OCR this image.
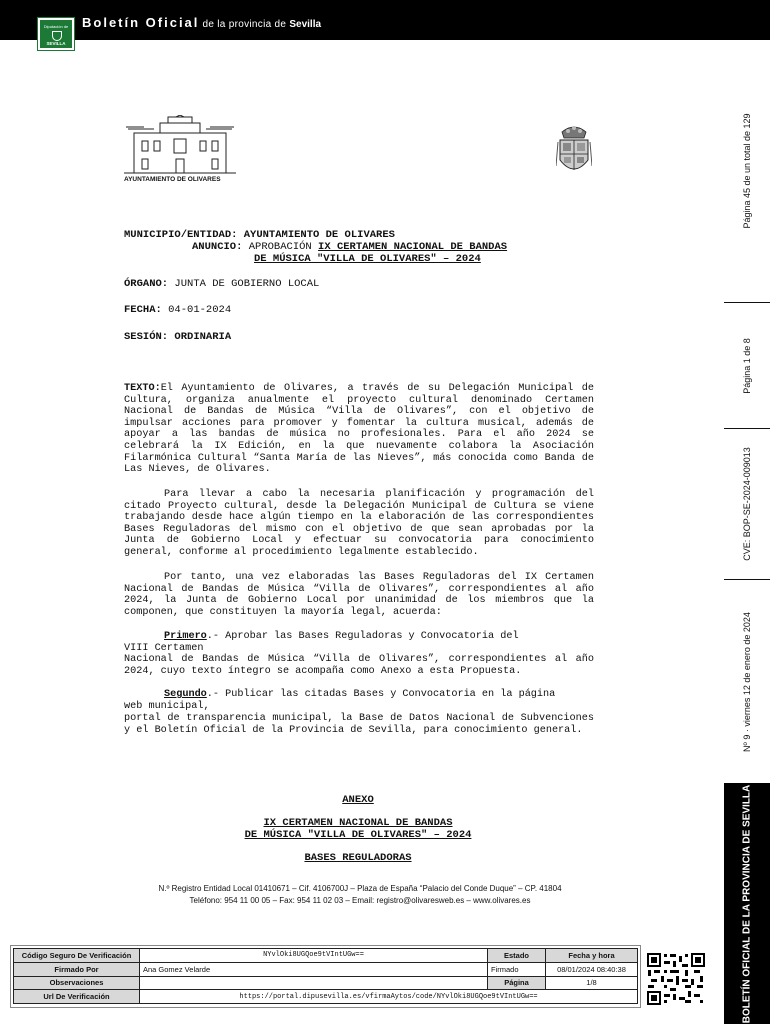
Boletín Oficial de la provincia de Sevilla
Diputación de
SEVILLA
Página 45 de un total de 129
Página 1 de 8
CVE: BOP-SE-2024-009013
Nº 9 · viernes 12 de enero de 2024
BOLETÍN OFICIAL DE LA PROVINCIA DE SEVILLA
AYUNTAMIENTO DE OLIVARES
MUNICIPIO/ENTIDAD: AYUNTAMIENTO DE OLIVARES
ANUNCIO: APROBACIÓN IX CERTAMEN NACIONAL DE BANDAS
DE MÚSICA "VILLA DE OLIVARES" – 2024
ÓRGANO: JUNTA DE GOBIERNO LOCAL
FECHA: 04-01-2024
SESIÓN: ORDINARIA
TEXTO:El Ayuntamiento de Olivares, a través de su Delegación Municipal de Cultura, organiza anualmente el proyecto cultural denominado Certamen Nacional de Bandas de Música “Villa de Olivares”, con el objetivo de impulsar acciones para promover y fomentar la cultura musical, además de apoyar a las bandas de música no profesionales. Para el año 2024 se celebrará la IX Edición, en la que nuevamente colabora la Asociación Filarmónica Cultural “Santa María de las Nieves”, más conocida como Banda de Las Nieves, de Olivares.
Para llevar a cabo la necesaria planificación y programación del citado Proyecto cultural, desde la Delegación Municipal de Cultura se viene trabajando desde hace algún tiempo en la elaboración de las correspondientes Bases Reguladoras del mismo con el objetivo de que sean aprobadas por la Junta de Gobierno Local y efectuar su convocatoria para conocimiento general, conforme al procedimiento legalmente establecido.
Por tanto, una vez elaboradas las Bases Reguladoras del IX Certamen Nacional de Bandas de Música “Villa de Olivares”, correspondientes al año 2024, la Junta de Gobierno Local por unanimidad de los miembros que la componen, que constituyen la mayoría legal, acuerda:
Primero.- Aprobar las Bases Reguladoras y Convocatoria del
VIII Certamen
Nacional de Bandas de Música “Villa de Olivares”, correspondientes al año 2024, cuyo texto íntegro se acompaña como Anexo a esta Propuesta.
Segundo.- Publicar las citadas Bases y Convocatoria en la página
web municipal,
portal de transparencia municipal, la Base de Datos Nacional de Subvenciones y el Boletín Oficial de la Provincia de Sevilla, para conocimiento general.
ANEXO
IX CERTAMEN NACIONAL DE BANDAS
DE MÚSICA "VILLA DE OLIVARES" – 2024
BASES REGULADORAS
N.º Registro Entidad Local 01410671 – Cif. 4106700J – Plaza de España “Palacio del Conde Duque” – CP. 41804
Teléfono: 954 11 00 05 – Fax: 954 11 02 03 – Email: registro@olivaresweb.es – www.olivares.es
Código Seguro De Verificación	NYvlOki8UGQoe9tVIntUGw==	Estado	Fecha y hora
Firmado Por	Ana Gomez Velarde	Firmado	08/01/2024 08:40:38
Observaciones		Página	1/8
Url De Verificación	https://portal.dipusevilla.es/vfirmaAytos/code/NYvlOki8UGQoe9tVIntUGw==		
